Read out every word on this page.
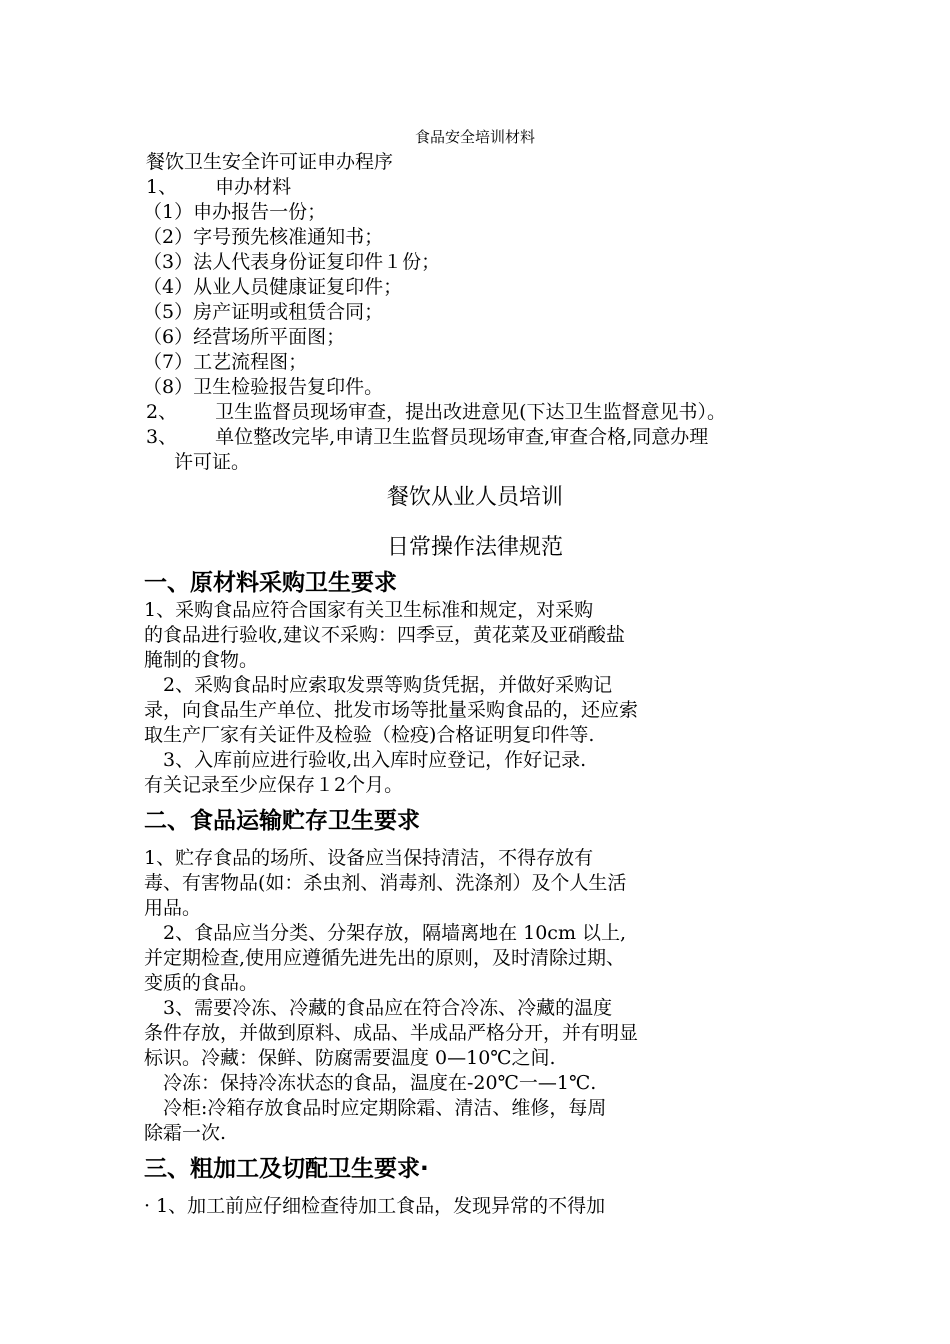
食品安全培训材料
餐饮卫生安全许可证申办程序
1、 申办材料
（1）申办报告一份；
（2）字号预先核准通知书；
（3）法人代表身份证复印件１份；
（4）从业人员健康证复印件；
（5）房产证明或租赁合同；
（6）经营场所平面图；
（7）工艺流程图；
（8）卫生检验报告复印件。
2、 卫生监督员现场审查，提出改进意见(下达卫生监督意见书）。
3、 单位整改完毕,申请卫生监督员现场审查,审查合格,同意办理
许可证。
餐饮从业人员培训
日常操作法律规范
一、原材料采购卫生要求
1、采购食品应符合国家有关卫生标准和规定，对采购
的食品进行验收,建议不采购：四季豆，黄花菜及亚硝酸盐
腌制的食物。
　2、采购食品时应索取发票等购货凭据，并做好采购记
录，向食品生产单位、批发市场等批量采购食品的，还应索
取生产厂家有关证件及检验（检疫)合格证明复印件等.
　3、入库前应进行验收,出入库时应登记，作好记录.
有关记录至少应保存１2个月。
二、食品运输贮存卫生要求
1、贮存食品的场所、设备应当保持清洁，不得存放有
毒、有害物品(如：杀虫剂、消毒剂、洗涤剂）及个人生活
用品。
　2、食品应当分类、分架存放，隔墙离地在 10cm 以上,
并定期检查,使用应遵循先进先出的原则，及时清除过期、
变质的食品。
　3、需要冷冻、冷藏的食品应在符合冷冻、冷藏的温度
条件存放，并做到原料、成品、半成品严格分开，并有明显
标识。冷藏：保鲜、防腐需要温度 0—10℃之间.
　冷冻：保持冷冻状态的食品，温度在-20℃一—1℃.
　冷柜:冷箱存放食品时应定期除霜、清洁、维修，每周
除霜一次.
三、粗加工及切配卫生要求·
· 1、加工前应仔细检查待加工食品，发现异常的不得加
